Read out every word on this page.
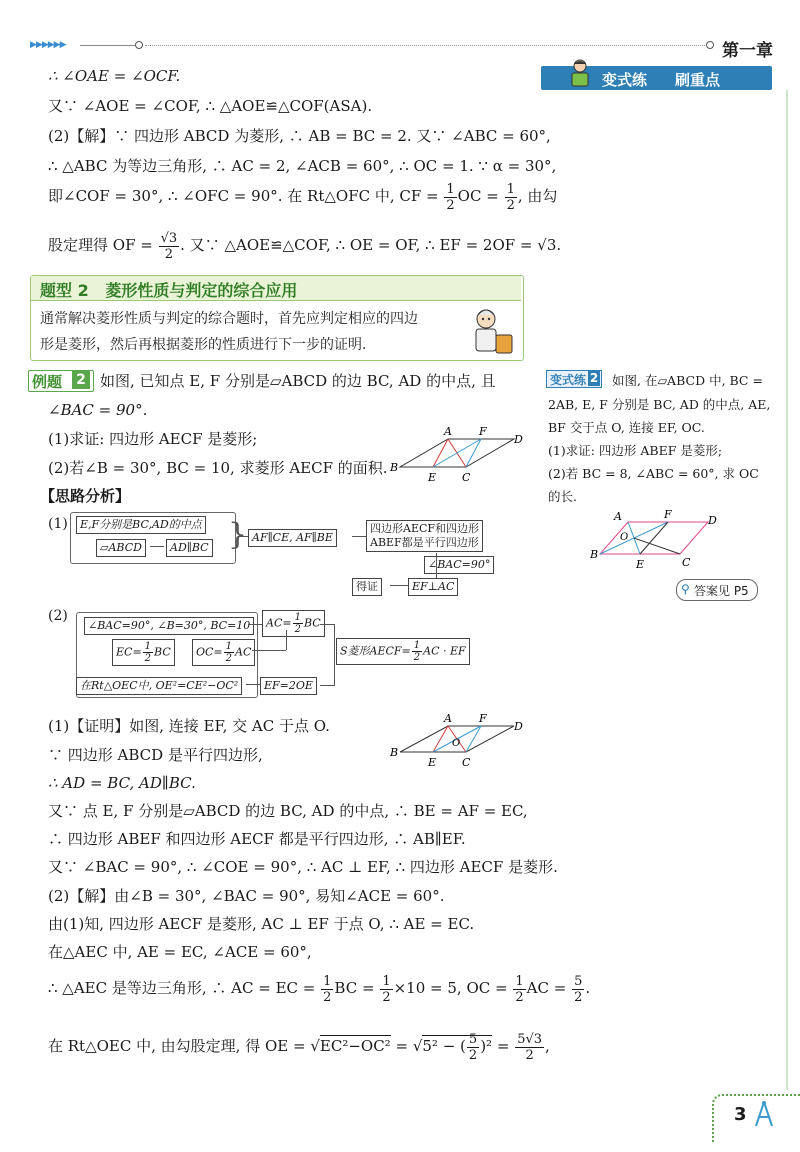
▶▶▶▶▶▶	第一章
变式练 刷重点
∴ ∠OAE = ∠OCF.
又∵ ∠AOE = ∠COF, ∴ △AOE≌△COF(ASA).
(2)【解】∵ 四边形 ABCD 为菱形, ∴ AB = BC = 2. 又∵ ∠ABC = 60°,
∴ △ABC 为等边三角形, ∴ AC = 2, ∠ACB = 60°, ∴ OC = 1. ∵ α = 30°,
即∠COF = 30°, ∴ ∠OFC = 90°. 在 Rt△OFC 中, CF = $\frac{1}{2}$ OC = $\frac{1}{2}$ , 由勾
股定理得 OF = $\frac{√3}{2}$ . 又∵ △AOE≌△COF, ∴ OE = OF, ∴ EF = 2OF = √3.
题型 2   菱形性质与判定的综合应用
通常解决菱形性质与判定的综合题时，首先应判定相应的四边
形是菱形，然后再根据菱形的性质进行下一步的证明.
例题 2 如图, 已知点 E, F 分别是▱ABCD 的边 BC, AD 的中点, 且
∠BAC = 90°.
(1)求证: 四边形 AECF 是菱形;
(2)若∠B = 30°, BC = 10, 求菱形 AECF 的面积.
【思路分析】
A F
D
B
E C
(1)	E,F分别是BC,AD的中点
▱ABCD	AD∥BC } AF∥CE, AF∥BE
四边形AECF和四边形
ABEF都是平行四边形
∠BAC=90°
EF⊥AC
得证
(2)
∠BAC=90°, ∠B=30°, BC=10	$AC= \frac{1}{2}$ BC
$EC= \frac{1}{2}$ BC	$OC= \frac{1}{2}$ AC
在Rt△OEC中, OE²=CE²−OC²	EF=2OE
S菱形AECF= $\frac{1}{2}$ AC · EF
A F
D
B
O
E C
(1)【证明】如图, 连接 EF, 交 AC 于点 O.
∵ 四边形 ABCD 是平行四边形,
∴ AD = BC, AD∥BC.
又∵ 点 E, F 分别是▱ABCD 的边 BC, AD 的中点, ∴ BE = AF = EC,
∴ 四边形 ABEF 和四边形 AECF 都是平行四边形, ∴ AB∥EF.
又∵ ∠BAC = 90°, ∴ ∠COE = 90°, ∴ AC ⊥ EF, ∴ 四边形 AECF 是菱形.
(2)【解】由∠B = 30°, ∠BAC = 90°, 易知∠ACE = 60°.
由(1)知, 四边形 AECF 是菱形, AC ⊥ EF 于点 O, ∴ AE = EC.
在△AEC 中, AE = EC, ∠ACE = 60°,
∴ △AEC 是等边三角形, ∴ AC = EC = $\frac{1}{2}$ BC = $\frac{1}{2} \times 10 = 5$, OC = $\frac{1}{2}$ AC = $\frac{5}{2}$ .
在 Rt△OEC 中, 由勾股定理, 得 OE = √EC²−OC² = √5² − ( $\frac{5}{2} )^2 = \frac{5√3}{2}$ ,
变式练 2 如图, 在▱ABCD 中, BC =
2AB, E, F 分别是 BC, AD 的中点, AE,
BF 交于点 O, 连接 EF, OC.
(1)求证: 四边形 ABEF 是菱形;
(2)若 BC = 8, ∠ABC = 60°, 求 OC
的长.
A	F	D
O
B
E	C
⚲ 答案见 P5
3
